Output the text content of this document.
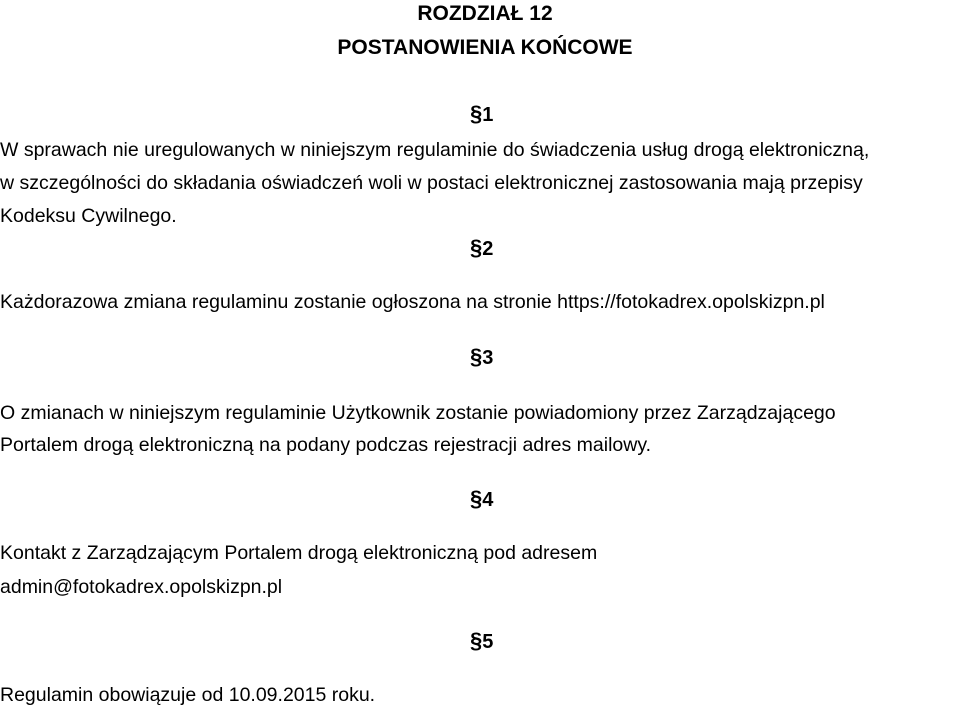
ROZDZIAŁ 12
POSTANOWIENIA KOŃCOWE
§1
W sprawach nie uregulowanych w niniejszym regulaminie do świadczenia usług drogą elektroniczną,
w szczególności do składania oświadczeń woli w postaci elektronicznej zastosowania mają przepisy
Kodeksu Cywilnego.
§2
Każdorazowa zmiana regulaminu zostanie ogłoszona na stronie https://fotokadrex.opolskizpn.pl
§3
O zmianach w niniejszym regulaminie Użytkownik zostanie powiadomiony przez Zarządzającego
Portalem drogą elektroniczną na podany podczas rejestracji adres mailowy.
§4
Kontakt z Zarządzającym Portalem drogą elektroniczną pod adresem
admin@fotokadrex.opolskizpn.pl
§5
Regulamin obowiązuje od 10.09.2015 roku.
